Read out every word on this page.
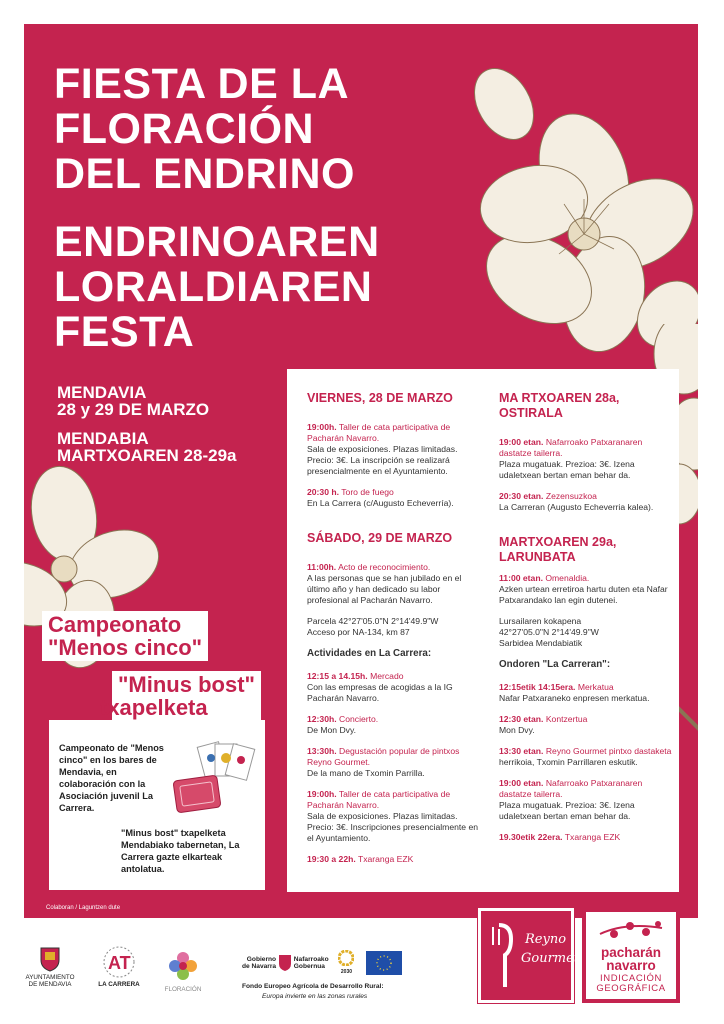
FIESTA DE LA
FLORACIÓN
DEL ENDRINO
ENDRINOAREN
LORALDIAREN
FESTA
MENDAVIA
28 y 29 DE MARZO
MENDABIA
MARTXOAREN 28-29a
VIERNES, 28 DE MARZO
19:00h. Taller de cata participativa de Pacharán Navarro.
Sala de exposiciones. Plazas limitadas. Precio: 3€. La inscripción se realizará presencialmente en el Ayuntamiento.
20:30 h. Toro de fuego
En La Carrera (c/Augusto Echeverría).
SÁBADO, 29 DE MARZO
11:00h. Acto de reconocimiento.
A las personas que se han jubilado en el último año y han dedicado su labor profesional al Pacharán Navarro.
Parcela 42°27'05.0"N 2°14'49.9"W
Acceso por NA-134, km 87
Actividades en La Carrera:
12:15 a 14.15h. Mercado
Con las empresas de acogidas a la IG Pacharán Navarro.
12:30h. Concierto.
De Mon Dvy.
13:30h. Degustación popular de pintxos Reyno Gourmet.
De la mano de Txomin Parrilla.
19:00h. Taller de cata participativa de Pacharán Navarro.
Sala de exposiciones. Plazas limitadas. Precio: 3€. Inscripciones presencialmente en el Ayuntamiento.
19:30 a 22h. Txaranga EZK
MA RTXOAREN 28a,
OSTIRALA
19:00 etan. Nafarroako Patxaranaren dastatze tailerra.
Plaza mugatuak. Prezioa: 3€. Izena udaletxean bertan eman behar da.
20:30 etan. Zezensuzkoa
La Carreran (Augusto Echeverria kalea).
MARTXOAREN 29a,
LARUNBATA
11:00 etan. Omenaldia.
Azken urtean erretiroa hartu duten eta Nafar Patxarandako lan egin dutenei.
Lursailaren kokapena
42°27'05.0"N 2°14'49.9"W
Sarbidea Mendabiatik
Ondoren "La Carreran":
12:15etik 14:15era. Merkatua
Nafar Patxaraneko enpresen merkatua.
12:30 etan. Kontzertua
Mon Dvy.
13:30 etan. Reyno Gourmet pintxo dastaketa
herrikoia, Txomin Parrillaren eskutik.
19:00 etan. Nafarroako Patxaranaren dastatze tailerra.
Plaza mugatuak. Prezioa: 3€. Izena udaletxean bertan eman behar da.
19.30etik 22era. Txaranga EZK
Campeonato
"Menos cinco"
"Minus bost"
txapelketa
Campeonato de "Menos cinco" en los bares de Mendavia, en colaboración con la Asociación juvenil La Carrera.
"Minus bost" txapelketa Mendabiako tabernetan, La Carrera gazte elkarteak antolatua.
Colaboran / Laguntzen dute
AYUNTAMIENTO
DE MENDAVIA
AT
LA CARRERA
FLORACIÓN
Gobierno
de Navarra  Nafarroako
Gobernua
2030

Fondo Europeo Agrícola de Desarrollo Rural:
Europa invierte en las zonas rurales
Reyno
Gourmet	pacharán
navarro
INDICACIÓN
GEOGRÁFICA
